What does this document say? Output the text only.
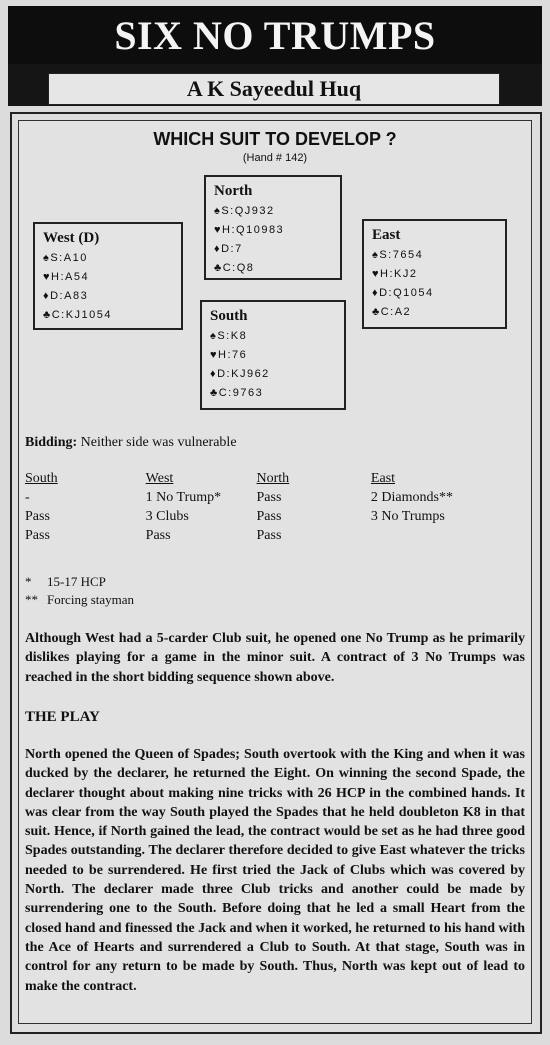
SIX NO TRUMPS
A K Sayeedul Huq
WHICH SUIT TO DEVELOP ?
(Hand # 142)
North
♠S:QJ932
♥H:Q10983
♦D:7
♣C:Q8
West (D)
♠S:A10
♥H:A54
♦D:A83
♣C:KJ1054
East
♠S:7654
♥H:KJ2
♦D:Q1054
♣C:A2
South
♠S:K8
♥H:76
♦D:KJ962
♣C:9763
Bidding: Neither side was vulnerable
South	West	North	East
-	1 No Trump*	Pass	2 Diamonds**
Pass	3 Clubs	Pass	3 No Trumps
Pass	Pass	Pass
*	15-17 HCP
** Forcing stayman
Although West had a 5-carder Club suit, he opened one No Trump as he primarily dislikes playing for a game in the minor suit. A contract of 3 No Trumps was reached in the short bidding sequence shown above.
THE PLAY
North opened the Queen of Spades; South overtook with the King and when it was ducked by the declarer, he returned the Eight. On winning the second Spade, the declarer thought about making nine tricks with 26 HCP in the combined hands. It was clear from the way South played the Spades that he held doubleton K8 in that suit. Hence, if North gained the lead, the contract would be set as he had three good Spades outstanding. The declarer therefore decided to give East whatever the tricks needed to be surrendered. He first tried the Jack of Clubs which was covered by North. The declarer made three Club tricks and another could be made by surrendering one to the South. Before doing that he led a small Heart from the closed hand and finessed the Jack and when it worked, he returned to his hand with the Ace of Hearts and surrendered a Club to South. At that stage, South was in control for any return to be made by South. Thus, North was kept out of lead to make the contract.
